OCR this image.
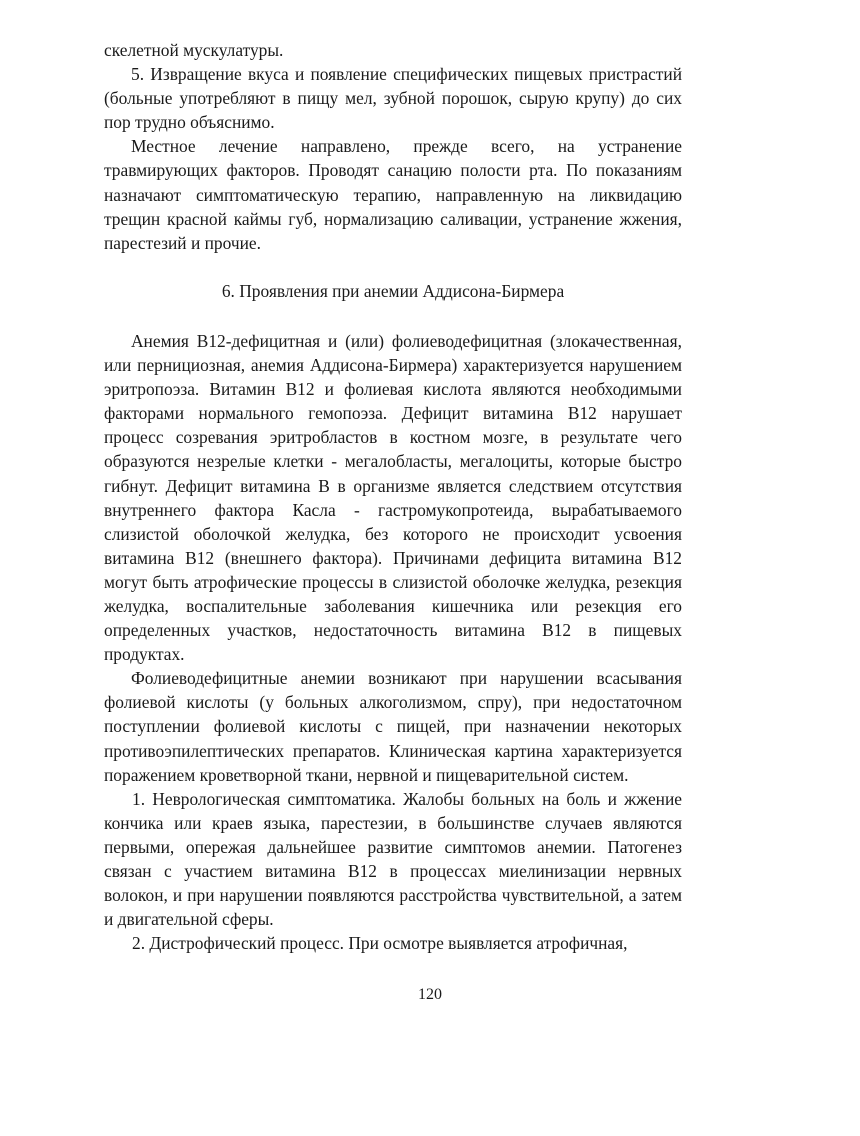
скелетной мускулатуры.

5. Извращение вкуса и появление специфических пищевых пристрастий (больные употребляют в пищу мел, зубной порошок, сырую крупу) до сих пор трудно объяснимо.

Местное лечение направлено, прежде всего, на устранение травмирующих факторов. Проводят санацию полости рта. По показаниям назначают симптоматическую терапию, направленную на ликвидацию трещин красной каймы губ, нормализацию саливации, устранение жжения, парестезий и прочие.

6. Проявления при анемии Аддисона-Бирмера

Анемия В12-дефицитная и (или) фолиеводефицитная (злокачественная, или пернициозная, анемия Аддисона-Бирмера) характеризуется нарушением эритропоэза. Витамин В12 и фолиевая кислота являются необходимыми факторами нормального гемопоэза. Дефицит витамина В12 нарушает процесс созревания эритробластов в костном мозге, в результате чего образуются незрелые клетки - мегалобласты, мегалоциты, которые быстро гибнут. Дефицит витамина В в организме является следствием отсутствия внутреннего фактора Касла - гастромукопротеида, вырабатываемого слизистой оболочкой желудка, без которого не происходит усвоения витамина В12 (внешнего фактора). Причинами дефицита витамина В12 могут быть атрофические процессы в слизистой оболочке желудка, резекция желудка, воспалительные заболевания кишечника или резекция его определенных участков, недостаточность витамина В12 в пищевых продуктах.

Фолиеводефицитные анемии возникают при нарушении всасывания фолиевой кислоты (у больных алкоголизмом, спру), при недостаточном поступлении фолиевой кислоты с пищей, при назначении некоторых противоэпилептических препаратов. Клиническая картина характеризуется поражением кроветворной ткани, нервной и пищеварительной систем.

1. Неврологическая симптоматика. Жалобы больных на боль и жжение кончика или краев языка, парестезии, в большинстве случаев являются первыми, опережая дальнейшее развитие симптомов анемии. Патогенез связан с участием витамина В12 в процессах миелинизации нервных волокон, и при нарушении появляются расстройства чувствительной, а затем и двигательной сферы.

2. Дистрофический процесс. При осмотре выявляется атрофичная,

120
